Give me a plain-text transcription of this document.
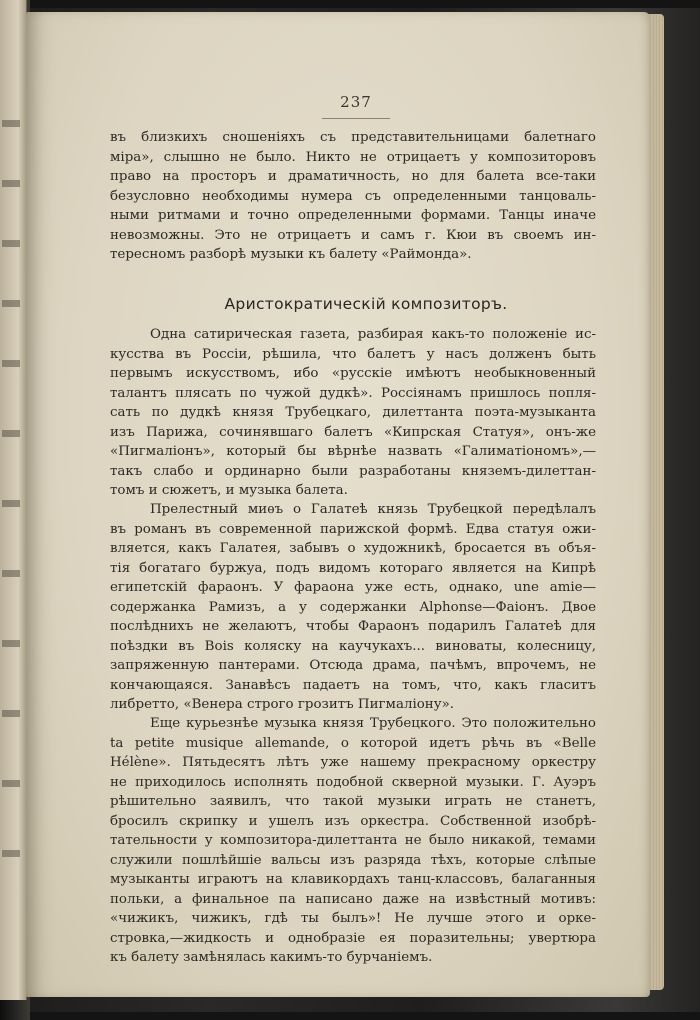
237
въ близкихъ сношеніяхъ съ представительницами балетнаго
міра», слышно не было. Никто не отрицаетъ у композиторовъ
право на просторъ и драматичность, но для балета все-таки
безусловно необходимы нумера съ определенными танцоваль-
ными ритмами и точно определенными формами. Танцы иначе
невозможны. Это не отрицаетъ и самъ г. Кюи въ своемъ ин-
тересномъ разборѣ музыки къ балету «Раймонда».
Аристократическій композиторъ.
Одна сатирическая газета, разбирая какъ-то положеніе ис-
кусства въ Россіи, рѣшила, что балетъ у насъ долженъ быть
первымъ искусствомъ, ибо «русскіе имѣютъ необыкновенный
талантъ плясать по чужой дудкѣ». Россіянамъ пришлось попля-
сать по дудкѣ князя Трубецкаго, дилеттанта поэта-музыканта
изъ Парижа, сочинявшаго балетъ «Кипрская Статуя», онъ-же
«Пигмаліонъ», который бы вѣрнѣе назвать «Галиматіономъ»,—
такъ слабо и ординарно были разработаны княземъ-дилеттан-
томъ и сюжетъ, и музыка балета.
Прелестный миѳъ о Галатеѣ князь Трубецкой передѣлалъ
въ романъ въ современной парижской формѣ. Едва статуя ожи-
вляется, какъ Галатея, забывъ о художникѣ, бросается въ объя-
тія богатаго буржуа, подъ видомъ котораго является на Кипрѣ
египетскій фараонъ. У фараона уже есть, однако, une amie—
содержанка Рамизъ, а у содержанки Alphonse—Фаіонъ. Двое
послѣднихъ не желаютъ, чтобы Фараонъ подарилъ Галатеѣ для
поѣздки въ Bois коляску на каучукахъ... виноваты, колесницу,
запряженную пантерами. Отсюда драма, пачѣмъ, впрочемъ, не
кончающаяся. Занавѣсъ падаетъ на томъ, что, какъ гласитъ
либретто, «Венера строго грозитъ Пигмаліону».
Еще курьезнѣе музыка князя Трубецкого. Это положительно
ta petite musique allemande, о которой идетъ рѣчь въ «Belle
Hélène». Пятьдесятъ лѣтъ уже нашему прекрасному оркестру
не приходилось исполнять подобной скверной музыки. Г. Ауэръ
рѣшительно заявилъ, что такой музыки играть не станетъ,
бросилъ скрипку и ушелъ изъ оркестра. Собственной изобрѣ-
тательности у композитора-дилеттанта не было никакой, темами
служили пошлѣйшіе вальсы изъ разряда тѣхъ, которые слѣпые
музыканты играютъ на клавикордахъ танц-классовъ, балаганныя
польки, а финальное па написано даже на извѣстный мотивъ:
«чижикъ, чижикъ, гдѣ ты былъ»! Не лучше этого и орке-
стровка,—жидкость и однобразіе ея поразительны; увертюра
къ балету замѣнялась какимъ-то бурчаніемъ.
